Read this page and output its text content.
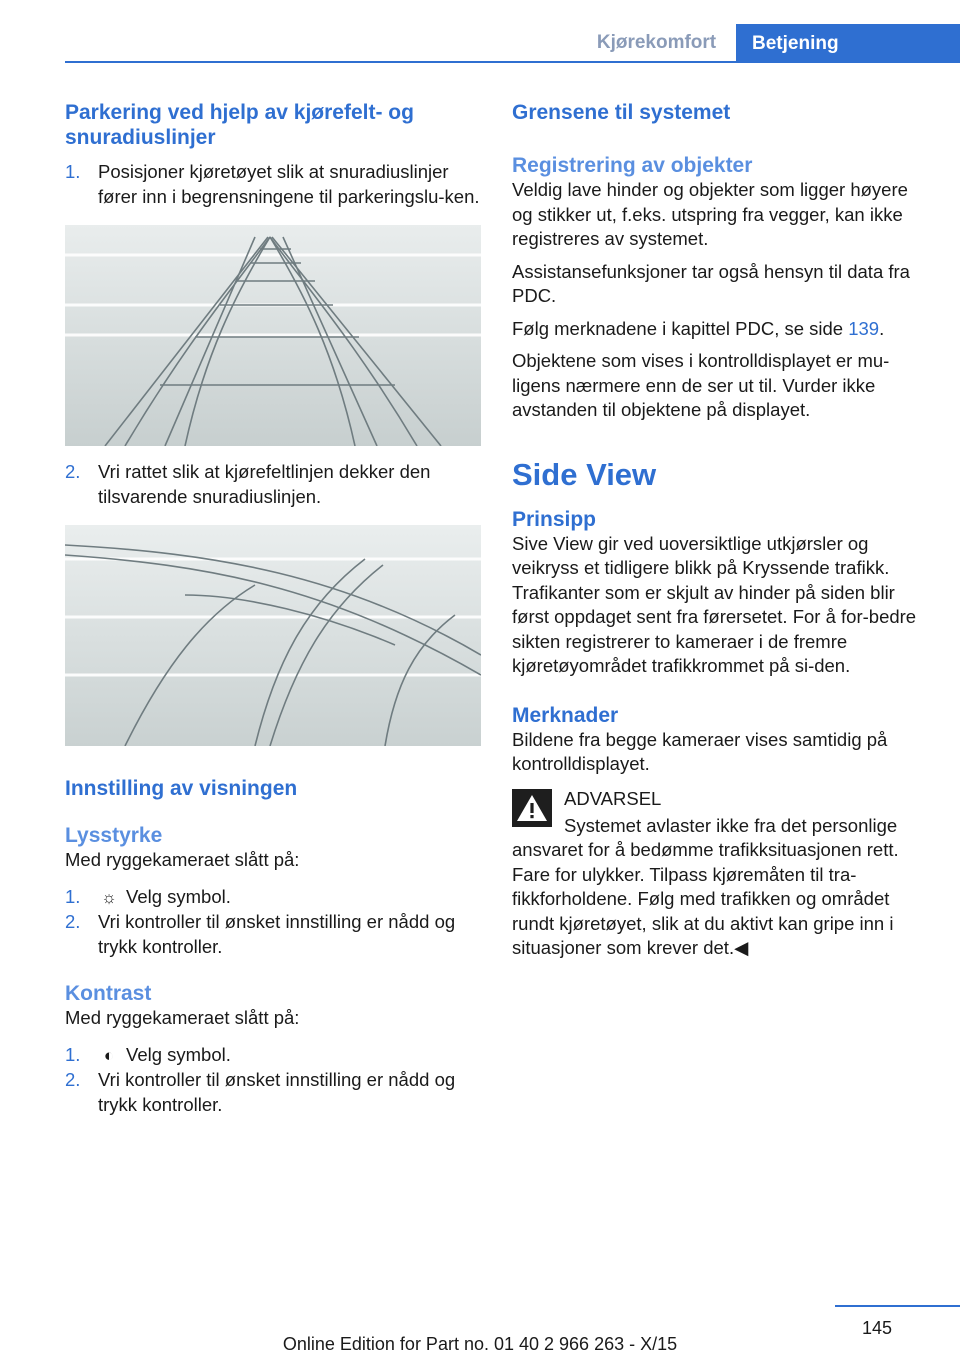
Kjørekomfort	Betjening
Parkering ved hjelp av kjørefelt- og snuradiuslinjer
1. Posisjoner kjøretøyet slik at snuradiuslinjer fører inn i begrensningene til parkeringslu‐ken.
2. Vri rattet slik at kjørefeltlinjen dekker den tilsvarende snuradiuslinjen.
Innstilling av visningen
Lysstyrke

Med ryggekameraet slått på:

1.	☼ Velg symbol.
2. Vri kontroller til ønsket innstilling er nådd og trykk kontroller.
Kontrast

Med ryggekameraet slått på:

1.	◐ Velg symbol.
2. Vri kontroller til ønsket innstilling er nådd og trykk kontroller.
Grensene til systemet
Registrering av objekter

Veldig lave hinder og objekter som ligger høyere og stikker ut, f.eks. utspring fra vegger, kan ikke registreres av systemet.

Assistansefunksjoner tar også hensyn til data fra PDC.

Følg merknadene i kapittel PDC, se side 139.

Objektene som vises i kontrolldisplayet er mu‐ligens nærmere enn de ser ut til. Vurder ikke avstanden til objektene på displayet.

Side View
Prinsipp

Sive View gir ved uoversiktlige utkjørsler og veikryss et tidligere blikk på Kryssende trafikk. Trafikanter som er skjult av hinder på siden blir først oppdaget sent fra førersetet. For å for‐bedre sikten registrerer to kameraer i de fremre kjøretøyområdet trafikkrommet på si‐den.

Merknader

Bildene fra begge kameraer vises samtidig på kontrolldisplayet.

ADVARSEL

Systemet avlaster ikke fra det personlige ansvaret for å bedømme trafikksituasjonen rett. Fare for ulykker. Tilpass kjøremåten til tra‐fikkforholdene. Følg med trafikken og området rundt kjøretøyet, slik at du aktivt kan gripe inn i situasjoner som krever det.◀

145
Online Edition for Part no. 01 40 2 966 263 - X/15
